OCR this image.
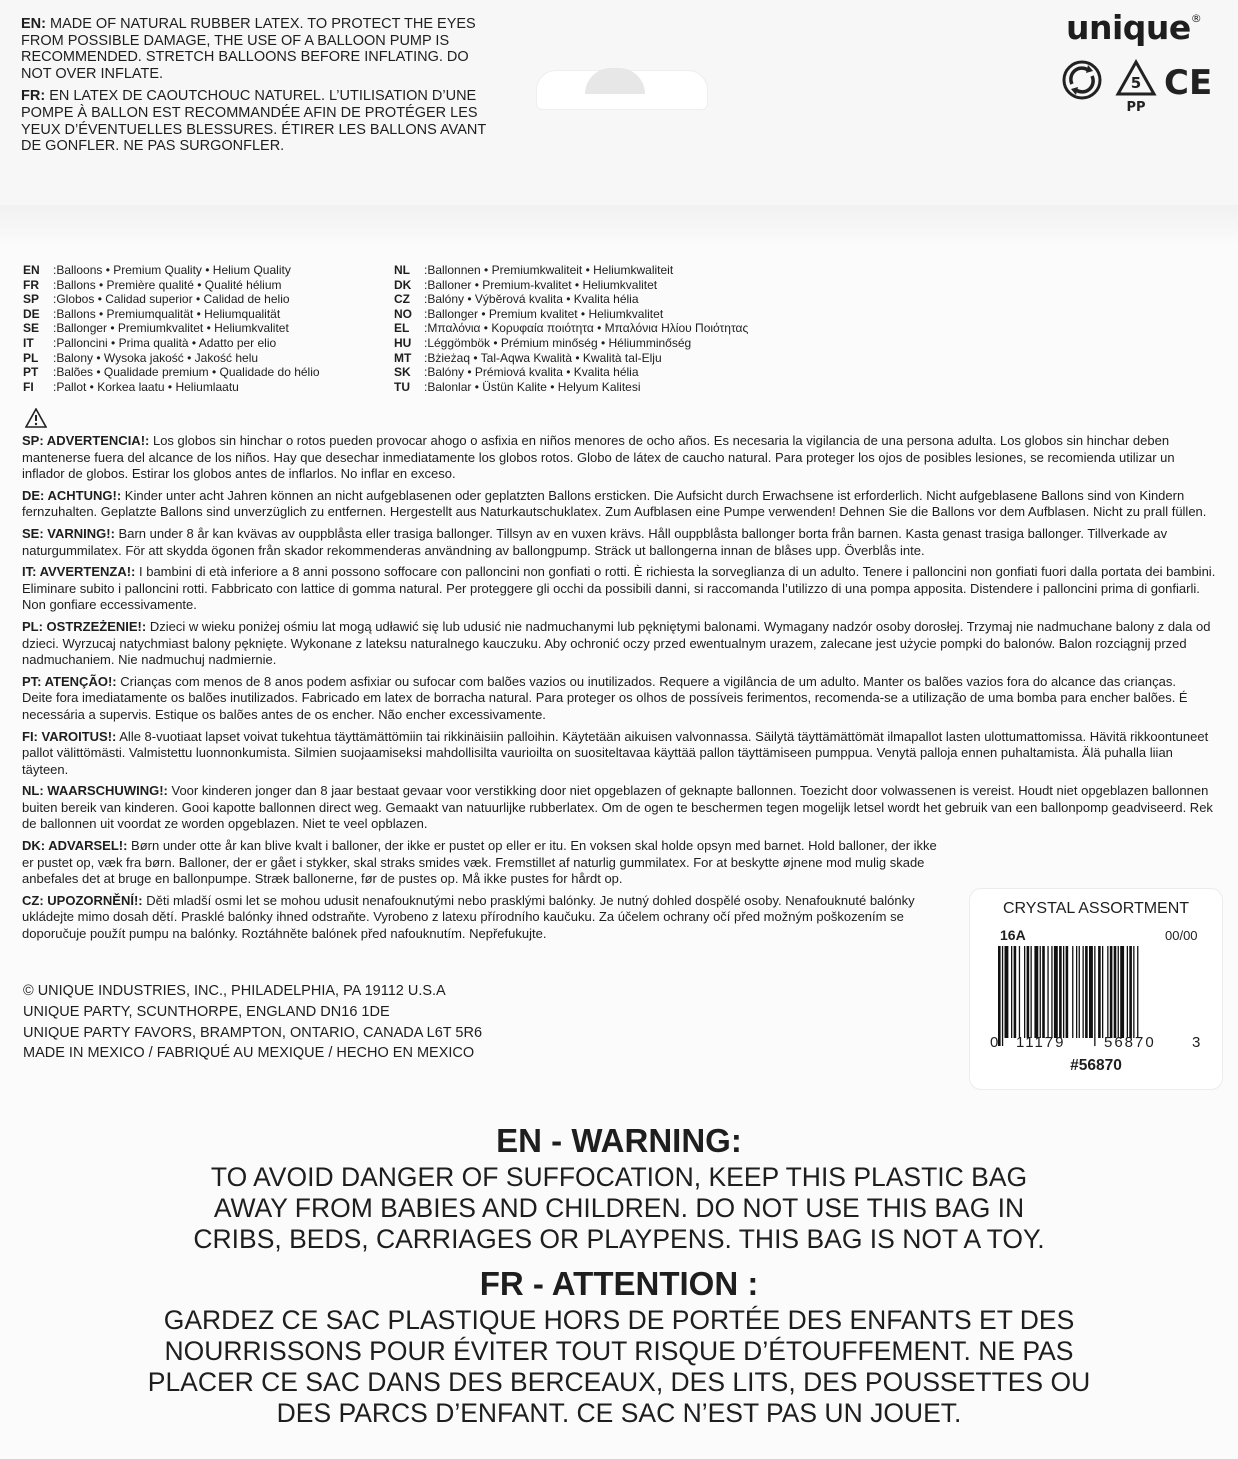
EN: MADE OF NATURAL RUBBER LATEX. TO PROTECT THE EYES FROM POSSIBLE DAMAGE, THE USE OF A BALLOON PUMP IS RECOMMENDED. STRETCH BALLOONS BEFORE INFLATING. DO NOT OVER INFLATE.

FR: EN LATEX DE CAOUTCHOUC NATUREL. L’UTILISATION D’UNE POMPE À BALLON EST RECOMMANDÉE AFIN DE PROTÉGER LES YEUX D’ÉVENTUELLES BLESSURES. ÉTIRER LES BALLONS AVANT DE GONFLER. NE PAS SURGONFLER.

unique®
5
PP
CE
EN :Balloons • Premium Quality • Helium Quality
FR :Ballons • Première qualité • Qualité hélium
SP :Globos • Calidad superior • Calidad de helio
DE :Ballons • Premiumqualität • Heliumqualität
SE :Ballonger • Premiumkvalitet • Heliumkvalitet
IT :Palloncini • Prima qualità • Adatto per elio
PL :Balony • Wysoka jakość • Jakość helu
PT :Balões • Qualidade premium • Qualidade do hélio
FI :Pallot • Korkea laatu • Heliumlaatu
NL :Ballonnen • Premiumkwaliteit • Heliumkwaliteit
DK :Balloner • Premium-kvalitet • Heliumkvalitet
CZ :Balóny • Výběrová kvalita • Kvalita hélia
NO :Ballonger • Premium kvalitet • Heliumkvalitet
EL :Μπαλόνια • Κορυφαία ποιότητα • Μπαλόνια Ηλίου Ποιότητας
HU :Léggömbök • Prémium minőség • Héliumminőség
MT :Bżieżaq • Tal-Aqwa Kwalità • Kwalità tal-Elju
SK :Balóny • Prémiová kvalita • Kvalita hélia
TU :Balonlar • Üstün Kalite • Helyum Kalitesi

SP: ADVERTENCIA!: Los globos sin hinchar o rotos pueden provocar ahogo o asfixia en niños menores de ocho años. Es necesaria la vigilancia de una persona adulta. Los globos sin hinchar deben mantenerse fuera del alcance de los niños. Hay que desechar inmediatamente los globos rotos. Globo de látex de caucho natural. Para proteger los ojos de posibles lesiones, se recomienda utilizar un inflador de globos. Estirar los globos antes de inflarlos. No inflar en exceso.

DE: ACHTUNG!: Kinder unter acht Jahren können an nicht aufgeblasenen oder geplatzten Ballons ersticken. Die Aufsicht durch Erwachsene ist erforderlich. Nicht aufgeblasene Ballons sind von Kindern fernzuhalten. Geplatzte Ballons sind unverzüglich zu entfernen. Hergestellt aus Naturkautschuklatex. Zum Aufblasen eine Pumpe verwenden! Dehnen Sie die Ballons vor dem Aufblasen. Nicht zu prall füllen.

SE: VARNING!: Barn under 8 år kan kvävas av ouppblåsta eller trasiga ballonger. Tillsyn av en vuxen krävs. Håll ouppblåsta ballonger borta från barnen. Kasta genast trasiga ballonger. Tillverkade av naturgummilatex. För att skydda ögonen från skador rekommenderas användning av ballongpump. Sträck ut ballongerna innan de blåses upp. Överblås inte.

IT: AVVERTENZA!: I bambini di età inferiore a 8 anni possono soffocare con palloncini non gonfiati o rotti. È richiesta la sorveglianza di un adulto. Tenere i palloncini non gonfiati fuori dalla portata dei bambini. Eliminare subito i palloncini rotti. Fabbricato con lattice di gomma natural. Per proteggere gli occhi da possibili danni, si raccomanda l’utilizzo di una pompa apposita. Distendere i palloncini prima di gonfiarli. Non gonfiare eccessivamente.

PL: OSTRZEŻENIE!: Dzieci w wieku poniżej ośmiu lat mogą udławić się lub udusić nie nadmuchanymi lub pękniętymi balonami. Wymagany nadzór osoby dorosłej. Trzymaj nie nadmuchane balony z dala od dzieci. Wyrzucaj natychmiast balony pęknięte. Wykonane z lateksu naturalnego kauczuku. Aby ochronić oczy przed ewentualnym urazem, zalecane jest użycie pompki do balonów. Balon rozciągnij przed nadmuchaniem. Nie nadmuchuj nadmiernie.

PT: ATENÇÃO!: Crianças com menos de 8 anos podem asfixiar ou sufocar com balões vazios ou inutilizados. Requere a vigilância de um adulto. Manter os balões vazios fora do alcance das crianças. Deite fora imediatamente os balões inutilizados. Fabricado em latex de borracha natural. Para proteger os olhos de possíveis ferimentos, recomenda-se a utilização de uma bomba para encher balões. É necessária a supervis. Estique os balões antes de os encher. Não encher excessivamente.

FI: VAROITUS!: Alle 8-vuotiaat lapset voivat tukehtua täyttämättömiin tai rikkinäisiin palloihin. Käytetään aikuisen valvonnassa. Säilytä täyttämättömät ilmapallot lasten ulottumattomissa. Hävitä rikkoontuneet pallot välittömästi. Valmistettu luonnonkumista. Silmien suojaamiseksi mahdollisilta vaurioilta on suositeltavaa käyttää pallon täyttämiseen pumppua. Venytä palloja ennen puhaltamista. Älä puhalla liian täyteen.

NL: WAARSCHUWING!: Voor kinderen jonger dan 8 jaar bestaat gevaar voor verstikking door niet opgeblazen of geknapte ballonnen. Toezicht door volwassenen is vereist. Houdt niet opgeblazen ballonnen buiten bereik van kinderen. Gooi kapotte ballonnen direct weg. Gemaakt van natuurlijke rubberlatex. Om de ogen te beschermen tegen mogelijk letsel wordt het gebruik van een ballonpomp geadviseerd. Rek de ballonnen uit voordat ze worden opgeblazen. Niet te veel opblazen.

DK: ADVARSEL!: Børn under otte år kan blive kvalt i balloner, der ikke er pustet op eller er itu. En voksen skal holde opsyn med barnet. Hold balloner, der ikke er pustet op, væk fra børn. Balloner, der er gået i stykker, skal straks smides væk. Fremstillet af naturlig gummilatex. For at beskytte øjnene mod mulig skade anbefales det at bruge en ballonpumpe. Stræk ballonerne, før de pustes op. Må ikke pustes for hårdt op.

CZ: UPOZORNĚNÍ!: Děti mladší osmi let se mohou udusit nenafouknutými nebo prasklými balónky. Je nutný dohled dospělé osoby. Nenafouknuté balónky ukládejte mimo dosah dětí. Prasklé balónky ihned odstraňte. Vyrobeno z latexu přírodního kaučuku. Za účelem ochrany očí před možným poškozením se doporučuje použít pumpu na balónky. Roztáhněte balónek před nafouknutím. Nepřefukujte.

© UNIQUE INDUSTRIES, INC., PHILADELPHIA, PA 19112 U.S.A
UNIQUE PARTY, SCUNTHORPE, ENGLAND DN16 1DE
UNIQUE PARTY FAVORS, BRAMPTON, ONTARIO, CANADA L6T 5R6
MADE IN MEXICO / FABRIQUÉ AU MEXIQUE / HECHO EN MEXICO
CRYSTAL ASSORTMENT
16A	00/00
0 11179	56870 3
#56870
EN - WARNING:
TO AVOID DANGER OF SUFFOCATION, KEEP THIS PLASTIC BAG
AWAY FROM BABIES AND CHILDREN. DO NOT USE THIS BAG IN
CRIBS, BEDS, CARRIAGES OR PLAYPENS. THIS BAG IS NOT A TOY.
FR - ATTENTION :
GARDEZ CE SAC PLASTIQUE HORS DE PORTÉE DES ENFANTS ET DES
NOURRISSONS POUR ÉVITER TOUT RISQUE D’ÉTOUFFEMENT. NE PAS
PLACER CE SAC DANS DES BERCEAUX, DES LITS, DES POUSSETTES OU
DES PARCS D’ENFANT. CE SAC N’EST PAS UN JOUET.
